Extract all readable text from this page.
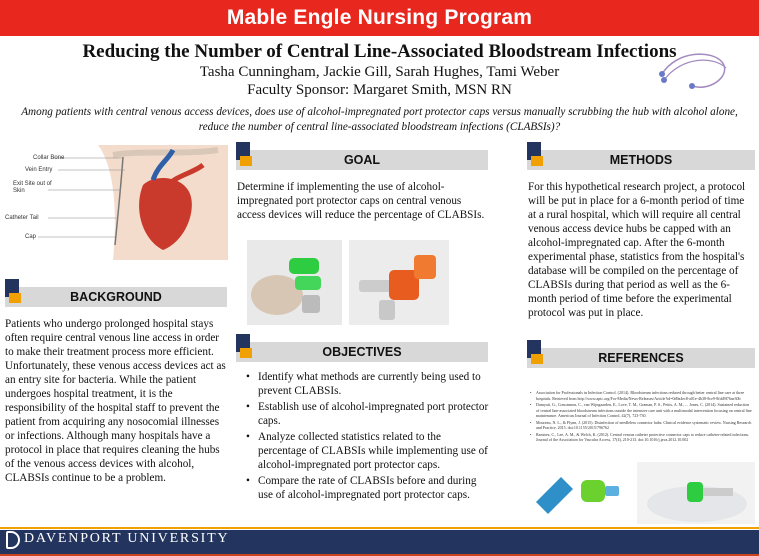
Mable Engle Nursing Program
Reducing the Number of Central Line-Associated Bloodstream Infections
Tasha Cunningham, Jackie Gill, Sarah Hughes, Tami Weber
Faculty Sponsor: Margaret Smith, MSN RN
Among patients with central venous access devices, does use of alcohol-impregnated port protector caps versus manually scrubbing the hub with alcohol alone, reduce the number of central line-associated bloodstream infections (CLABSIs)?
Collar Bone
Vein Entry
Exit Site out of Skin
Catheter Tail
Cap
BACKGROUND
Patients who undergo prolonged hospital stays often require central venous line access in order to make their treatment process more efficient. Unfortunately, these venous access devices act as an entry site for bacteria. While the patient undergoes hospital treatment, it is the responsibility of the hospital staff to prevent the patient from acquiring any nosocomial illnesses or infections. Although many hospitals have a protocol in place that requires cleaning the hubs of the venous access devices with alcohol, CLABSIs continue to be a problem.
GOAL
Determine if implementing the use of alcohol-impregnated port protector caps on central venous access devices will reduce the percentage of CLABSIs.
OBJECTIVES
• Identify what methods are currently being used to prevent CLABSIs.
• Establish use of alcohol-impregnated port protector caps.
• Analyze collected statistics related to the percentage of CLABSIs while implementing use of alcohol-impregnated port protector caps.
• Compare the rate of CLABSIs before and during use of alcohol-impregnated port protector caps.
METHODS
For this hypothetical research project, a protocol will be put in place for a 6-month period of time at a rural hospital, which will require all central venous access device hubs be capped with an alcohol-impregnated cap. After the 6-month experimental phase, statistics from the hospital's database will be compiled on the percentage of CLABSIs during that period as well as the 6-month period of time before the experimental protocol was put in place.
REFERENCES
• Association for Professionals in Infection Control. (2014). Bloodstream infections reduced through better central line care at three hospitals. Retrieved from http://www.apic.org/For-Media/News-Releases/Article?id=0d9a4ec8-a01e-4b38-8ce9-8fdd9f76ae30b
• Dumyati, G., Concannon, C., van Wijngaarden, E., Love, T. M., Graman, P. S., Pettis, A. M., ... Jones, C. (2014). Sustained reduction of central line-associated bloodstream infections outside the intensive care unit with a multimodal intervention focusing on central line maintenance. American Journal of Infection Control, 42(7), 723-730.
• Moureau, N. L., & Flynn, J. (2015). Disinfection of needleless connector hubs: Clinical evidence systematic review. Nursing Research and Practice, 2015. doi:10.1155/2015/796762
• Ramirez, C., Lee, A. M., & Welch, K. (2012). Central venous catheter protective connector caps to reduce catheter-related infections. Journal of the Association for Vascular Access, 17(4), 210-213. doi:10.1016/j.java.2012.10.002
DAVENPORT UNIVERSITY
